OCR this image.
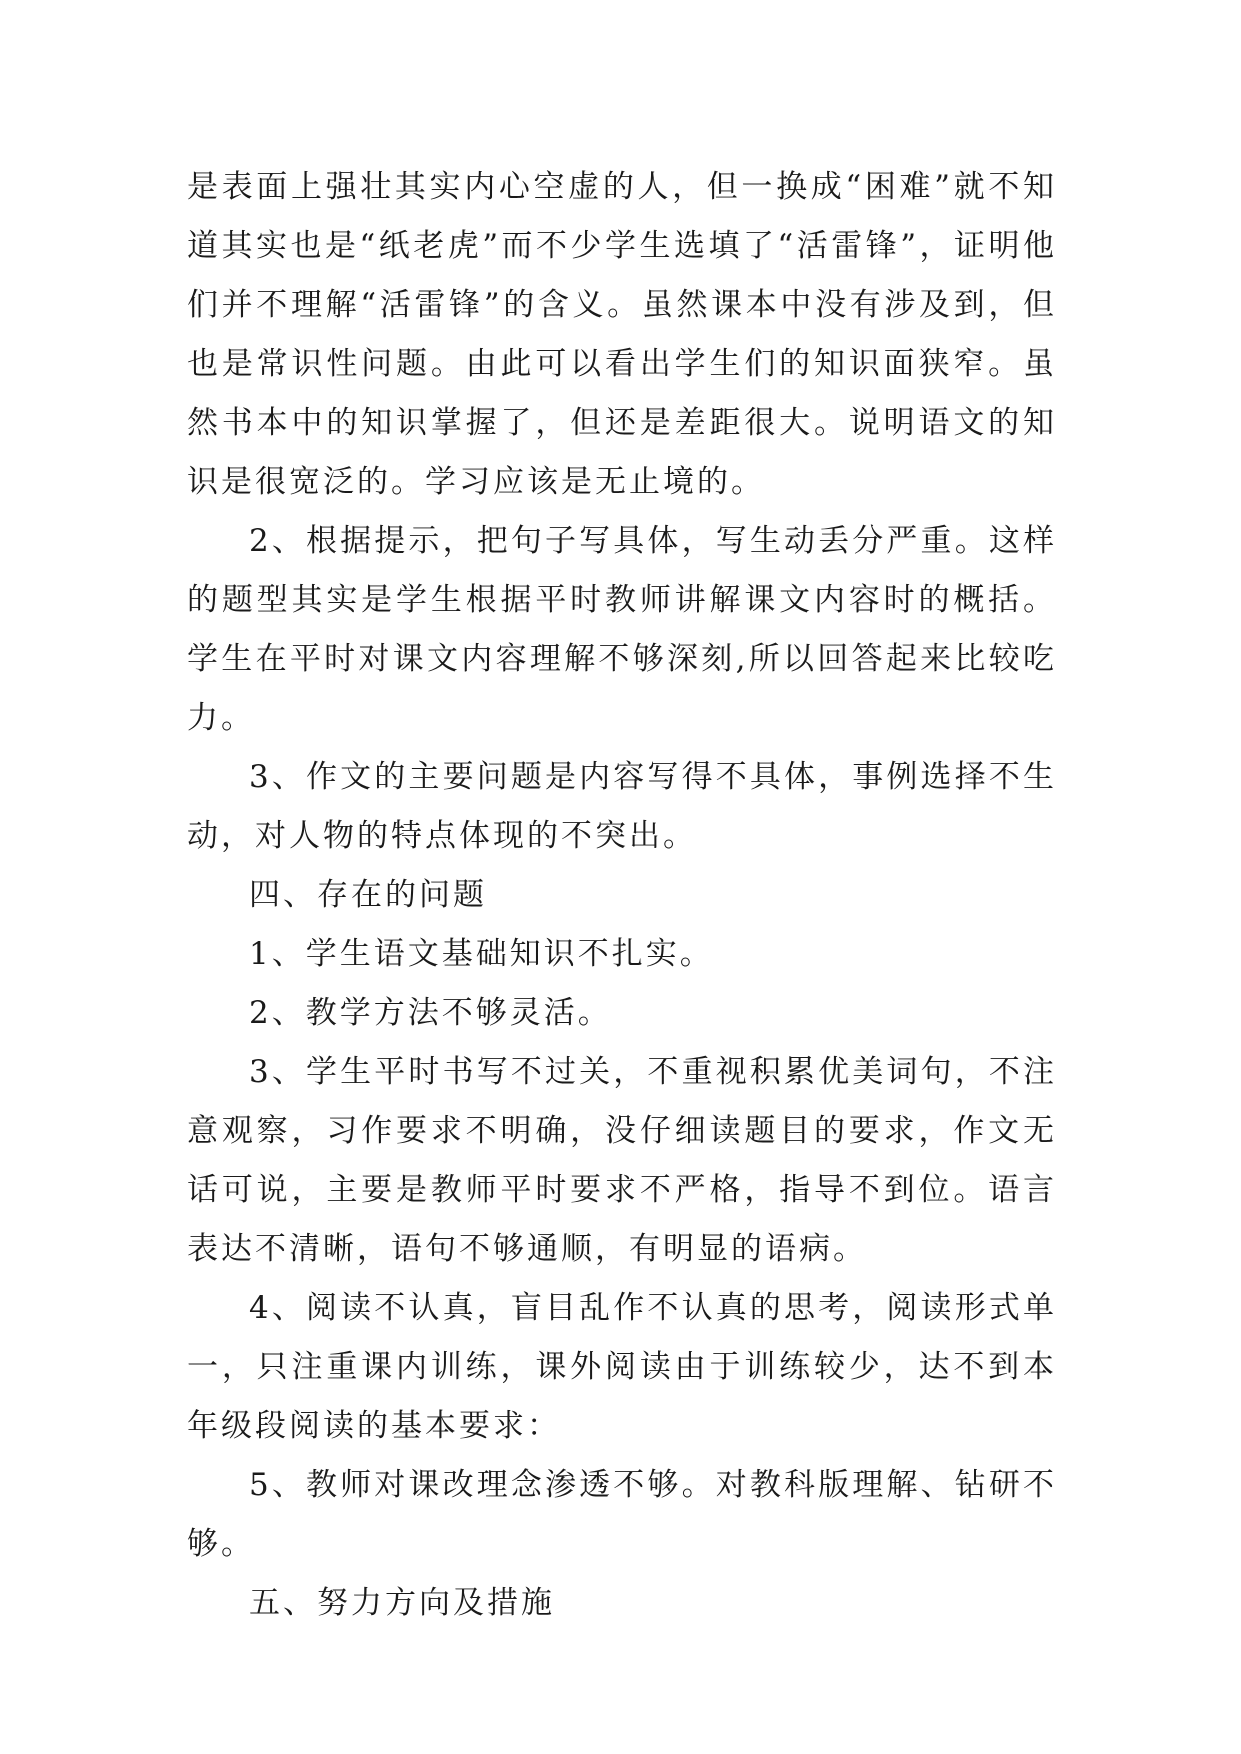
是表面上强壮其实内心空虚的人，但一换成“困难”就不知道其实也是“纸老虎”而不少学生选填了“活雷锋”，证明他们并不理解“活雷锋”的含义。虽然课本中没有涉及到，但也是常识性问题。由此可以看出学生们的知识面狭窄。虽然书本中的知识掌握了，但还是差距很大。说明语文的知识是很宽泛的。学习应该是无止境的。

2、根据提示，把句子写具体，写生动丢分严重。这样的题型其实是学生根据平时教师讲解课文内容时的概括。学生在平时对课文内容理解不够深刻,所以回答起来比较吃力。

3、作文的主要问题是内容写得不具体，事例选择不生动，对人物的特点体现的不突出。

四、存在的问题

1、学生语文基础知识不扎实。

2、教学方法不够灵活。

3、学生平时书写不过关，不重视积累优美词句，不注意观察，习作要求不明确，没仔细读题目的要求，作文无话可说，主要是教师平时要求不严格，指导不到位。语言表达不清晰，语句不够通顺，有明显的语病。

4、阅读不认真，盲目乱作不认真的思考，阅读形式单一，只注重课内训练，课外阅读由于训练较少，达不到本年级段阅读的基本要求：

5、教师对课改理念渗透不够。对教科版理解、钻研不够。

五、努力方向及措施
